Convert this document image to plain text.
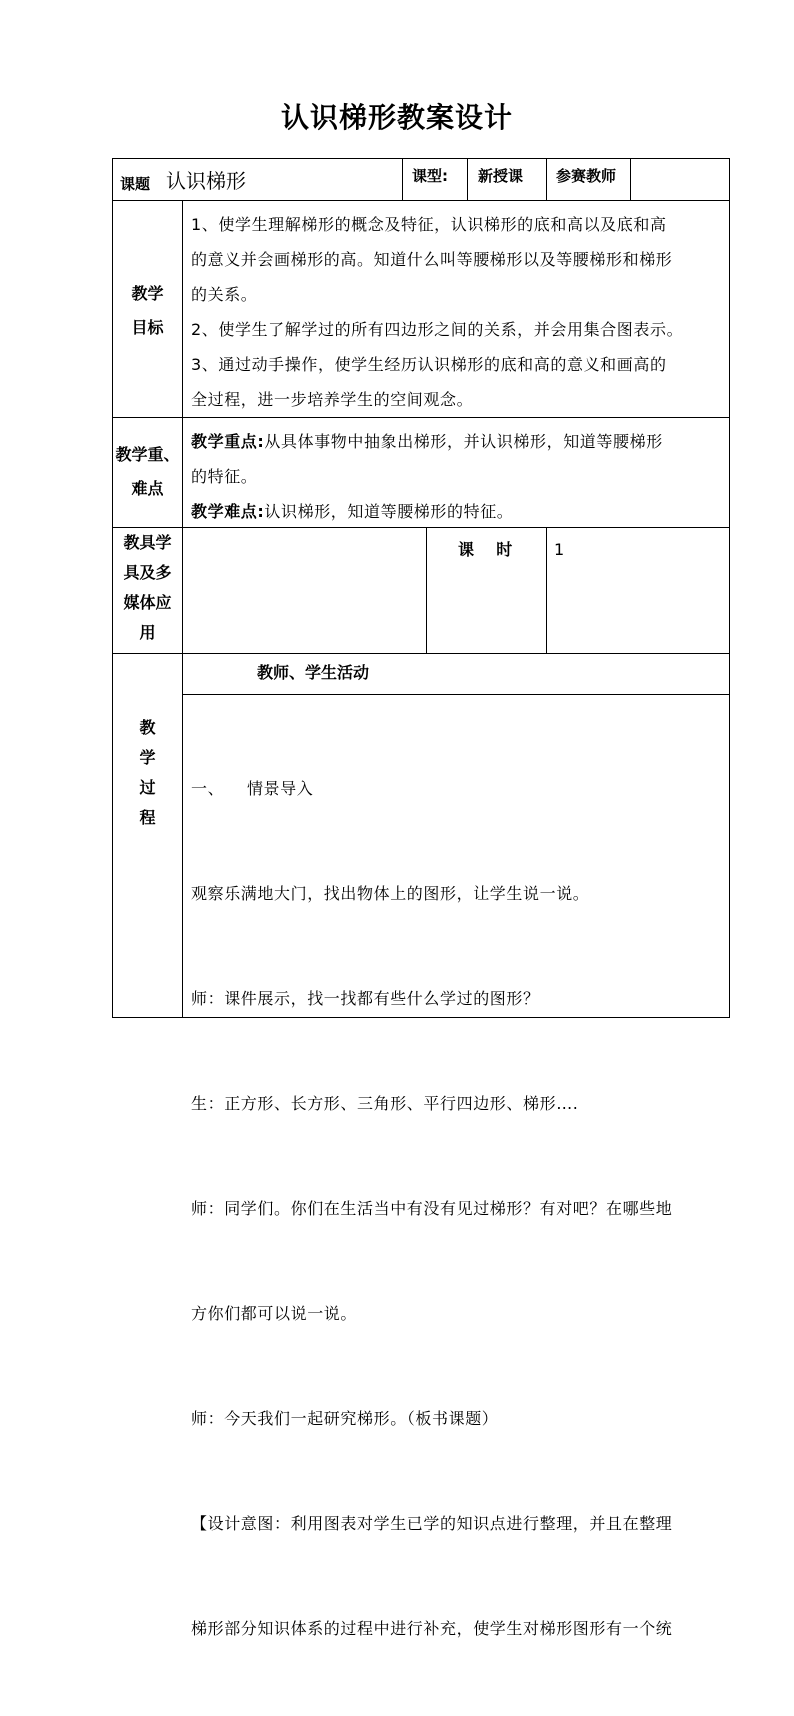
认识梯形教案设计
课题 认识梯形	课型: 新授课 参赛教师
教学
目标
1、使学生理解梯形的概念及特征，认识梯形的底和高以及底和高
的意义并会画梯形的高。知道什么叫等腰梯形以及等腰梯形和梯形
的关系。
2、使学生了解学过的所有四边形之间的关系，并会用集合图表示。
3、通过动手操作，使学生经历认识梯形的底和高的意义和画高的
全过程，进一步培养学生的空间观念。
教学重、
难点
教学重点:从具体事物中抽象出梯形，并认识梯形，知道等腰梯形
的特征。
教学难点:认识梯形，知道等腰梯形的特征。
教具学
具及多
媒体应
用
课    时	1
教
学
过
程
教师、学生活动

一、    情景导入

观察乐满地大门，找出物体上的图形，让学生说一说。

师：课件展示，找一找都有些什么学过的图形？

生：正方形、长方形、三角形、平行四边形、梯形….

师：同学们。你们在生活当中有没有见过梯形？有对吧？在哪些地

方你们都可以说一说。

师：今天我们一起研究梯形。（板书课题）

【设计意图：利用图表对学生已学的知识点进行整理，并且在整理

梯形部分知识体系的过程中进行补充，使学生对梯形图形有一个统
